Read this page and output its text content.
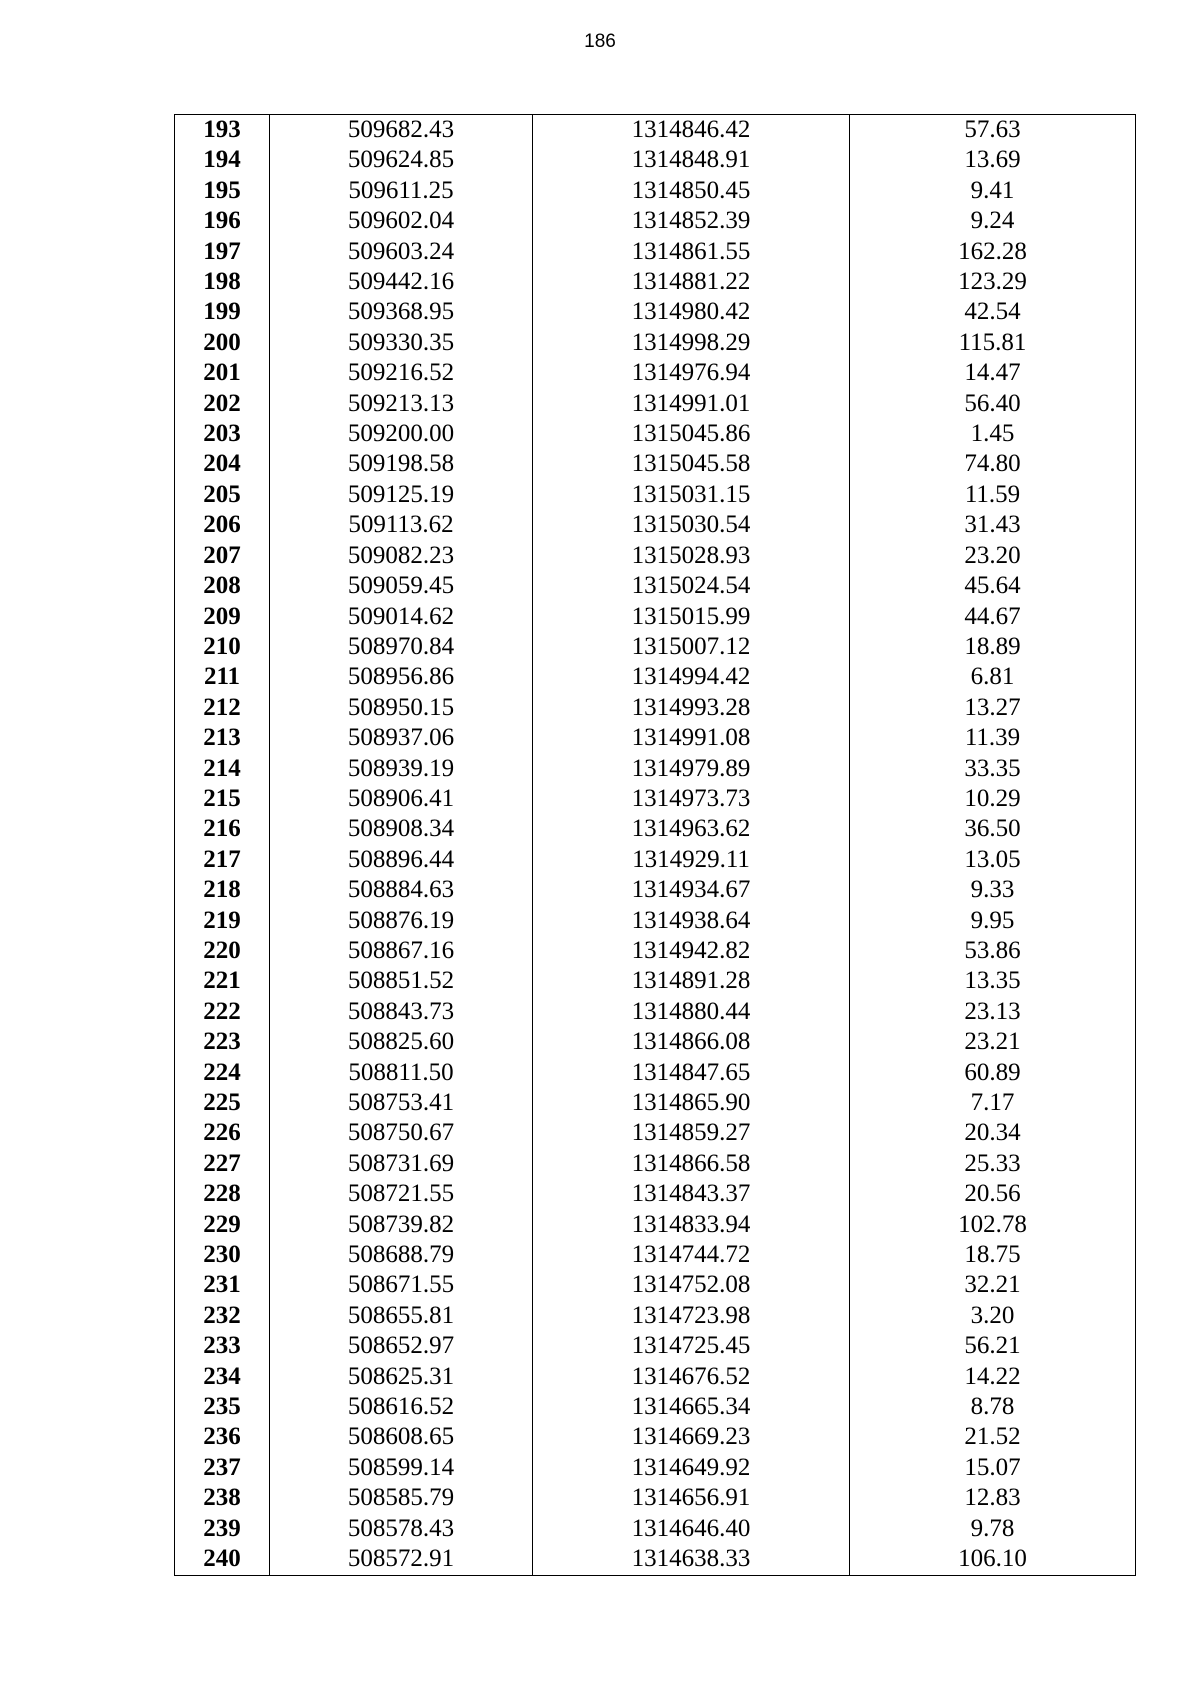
186
193	509682.43	1314846.42	57.63
194	509624.85	1314848.91	13.69
195	509611.25	1314850.45	9.41
196	509602.04	1314852.39	9.24
197	509603.24	1314861.55	162.28
198	509442.16	1314881.22	123.29
199	509368.95	1314980.42	42.54
200	509330.35	1314998.29	115.81
201	509216.52	1314976.94	14.47
202	509213.13	1314991.01	56.40
203	509200.00	1315045.86	1.45
204	509198.58	1315045.58	74.80
205	509125.19	1315031.15	11.59
206	509113.62	1315030.54	31.43
207	509082.23	1315028.93	23.20
208	509059.45	1315024.54	45.64
209	509014.62	1315015.99	44.67
210	508970.84	1315007.12	18.89
211	508956.86	1314994.42	6.81
212	508950.15	1314993.28	13.27
213	508937.06	1314991.08	11.39
214	508939.19	1314979.89	33.35
215	508906.41	1314973.73	10.29
216	508908.34	1314963.62	36.50
217	508896.44	1314929.11	13.05
218	508884.63	1314934.67	9.33
219	508876.19	1314938.64	9.95
220	508867.16	1314942.82	53.86
221	508851.52	1314891.28	13.35
222	508843.73	1314880.44	23.13
223	508825.60	1314866.08	23.21
224	508811.50	1314847.65	60.89
225	508753.41	1314865.90	7.17
226	508750.67	1314859.27	20.34
227	508731.69	1314866.58	25.33
228	508721.55	1314843.37	20.56
229	508739.82	1314833.94	102.78
230	508688.79	1314744.72	18.75
231	508671.55	1314752.08	32.21
232	508655.81	1314723.98	3.20
233	508652.97	1314725.45	56.21
234	508625.31	1314676.52	14.22
235	508616.52	1314665.34	8.78
236	508608.65	1314669.23	21.52
237	508599.14	1314649.92	15.07
238	508585.79	1314656.91	12.83
239	508578.43	1314646.40	9.78
240	508572.91	1314638.33	106.10
